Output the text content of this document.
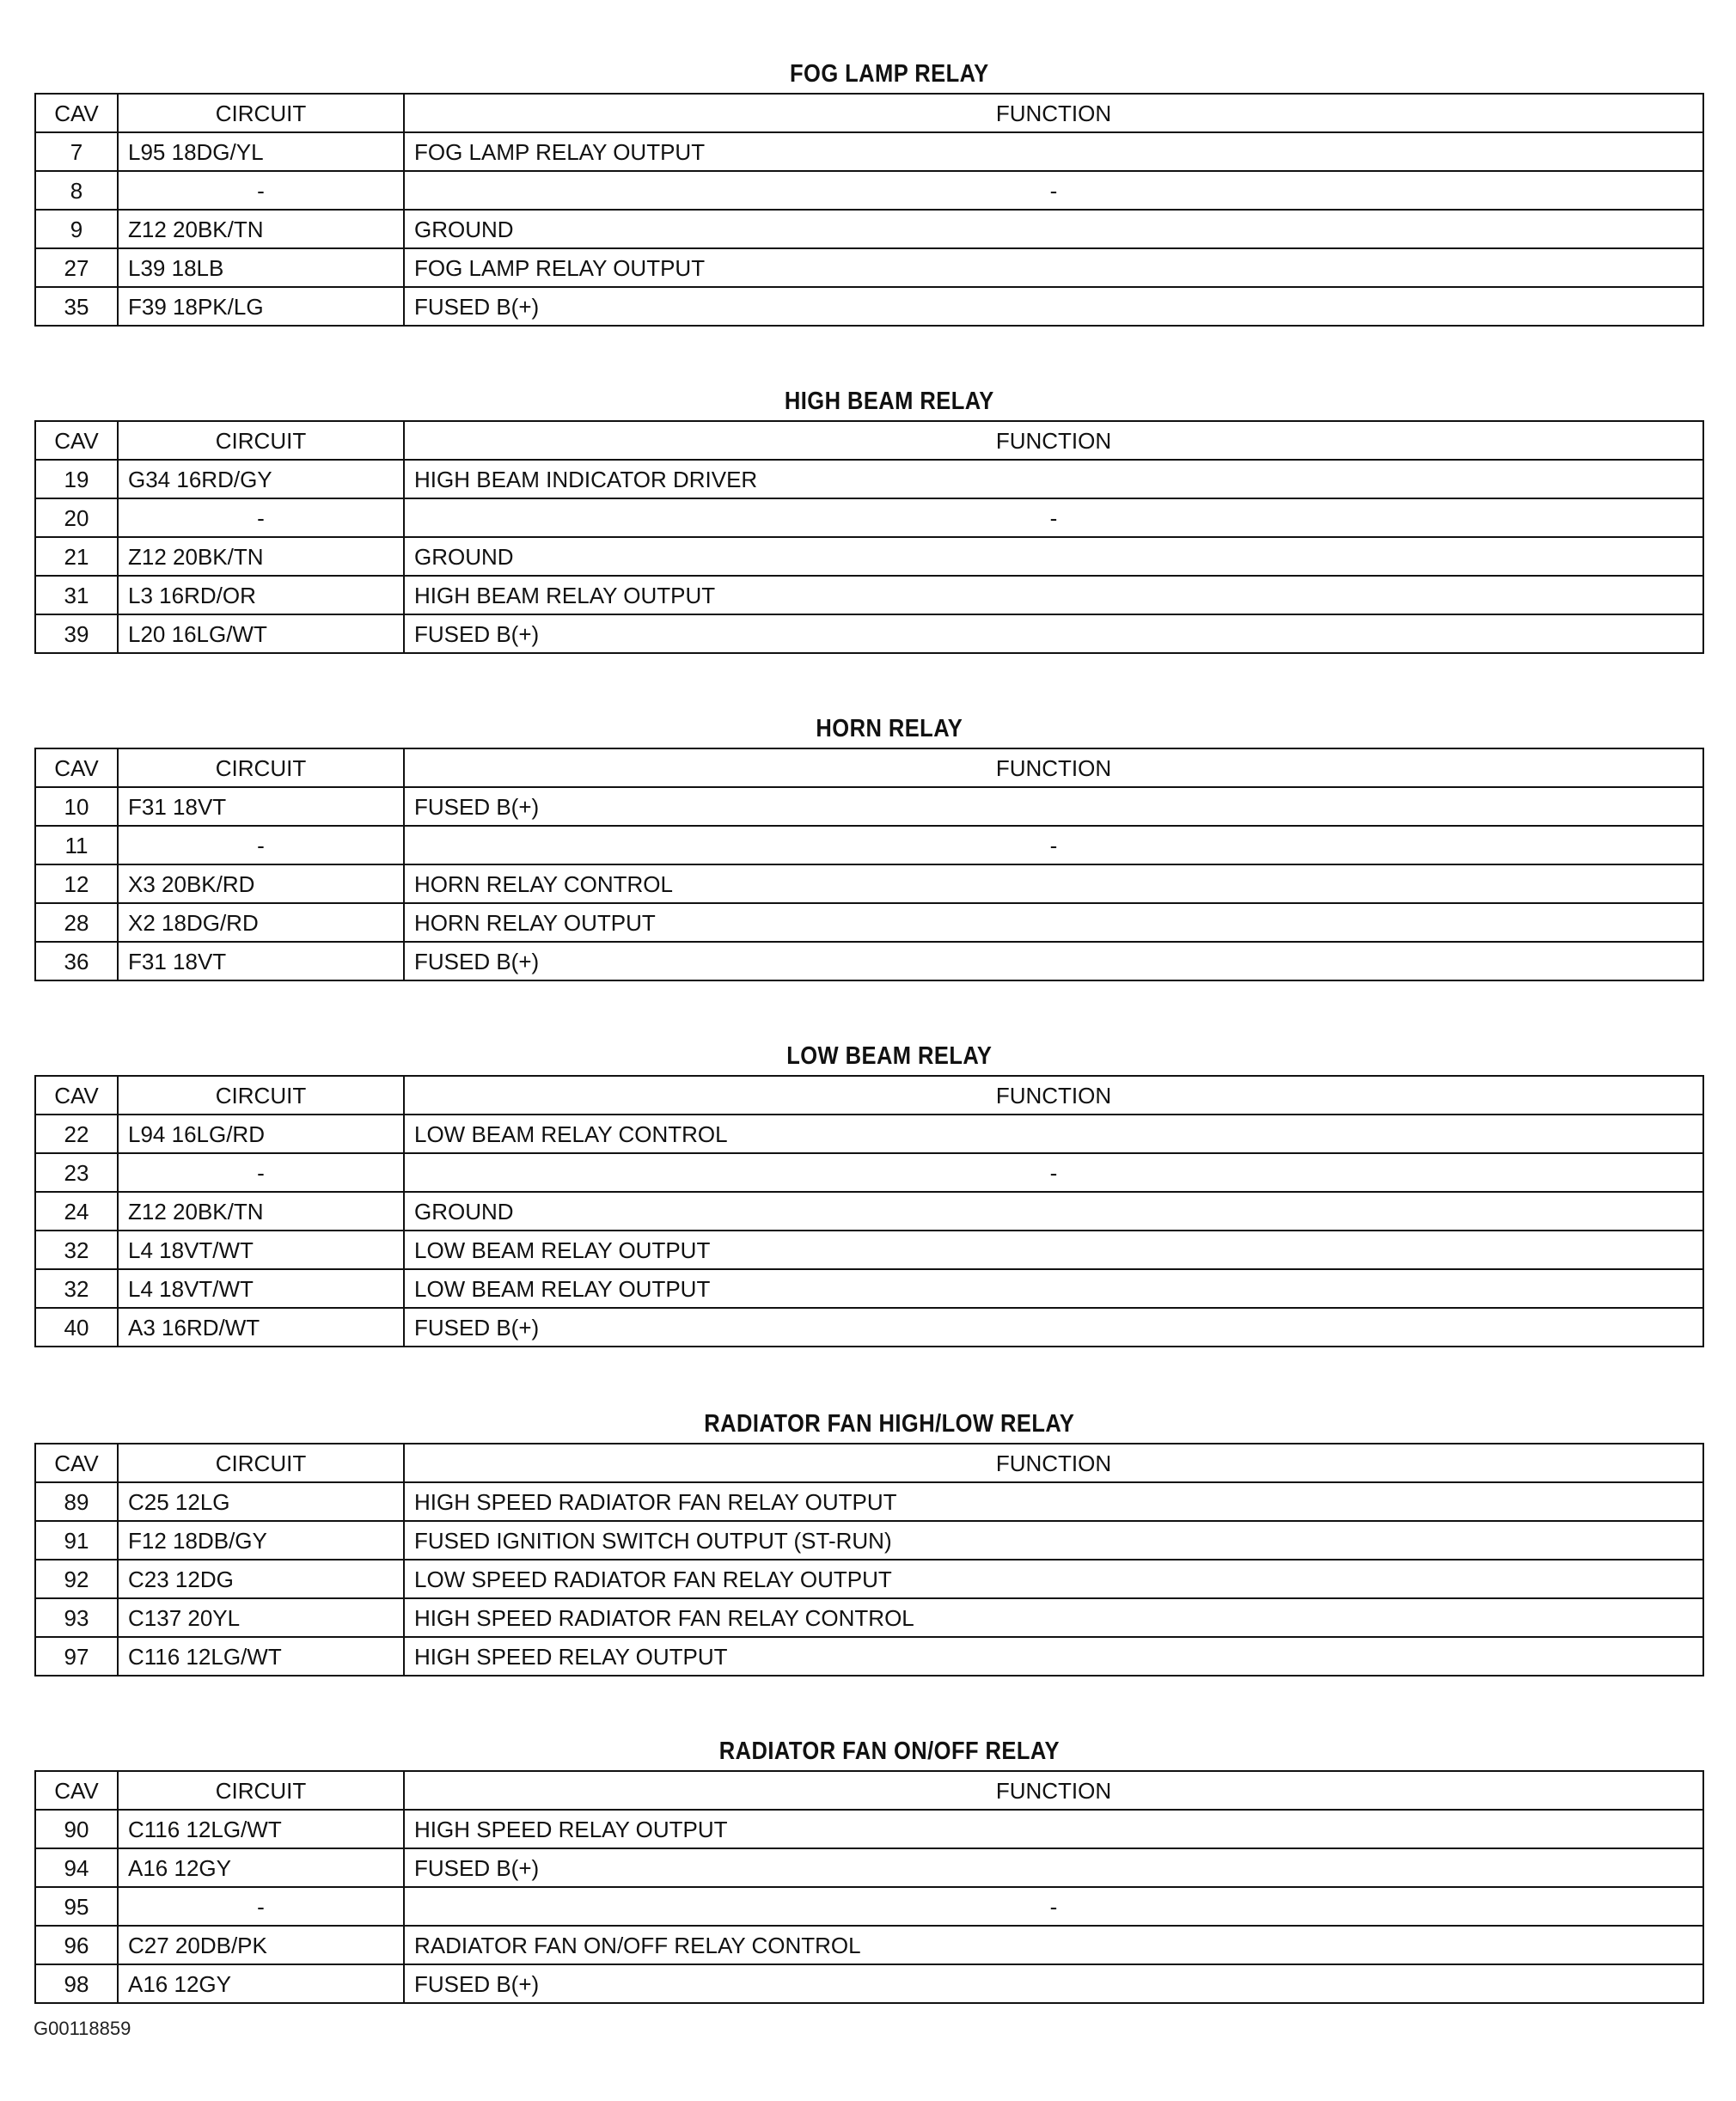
FOG LAMP RELAY
CAV	CIRCUIT	FUNCTION
7	L95 18DG/YL	FOG LAMP RELAY OUTPUT
8	-	-
9	Z12 20BK/TN	GROUND
27	L39 18LB	FOG LAMP RELAY OUTPUT
35	F39 18PK/LG	FUSED B(+)
HIGH BEAM RELAY
CAV	CIRCUIT	FUNCTION
19	G34 16RD/GY	HIGH BEAM INDICATOR DRIVER
20	-	-
21	Z12 20BK/TN	GROUND
31	L3 16RD/OR	HIGH BEAM RELAY OUTPUT
39	L20 16LG/WT	FUSED B(+)
HORN RELAY
CAV	CIRCUIT	FUNCTION
10	F31 18VT	FUSED B(+)
11	-	-
12	X3 20BK/RD	HORN RELAY CONTROL
28	X2 18DG/RD	HORN RELAY OUTPUT
36	F31 18VT	FUSED B(+)
LOW BEAM RELAY
CAV	CIRCUIT	FUNCTION
22	L94 16LG/RD	LOW BEAM RELAY CONTROL
23	-	-
24	Z12 20BK/TN	GROUND
32	L4 18VT/WT	LOW BEAM RELAY OUTPUT
32	L4 18VT/WT	LOW BEAM RELAY OUTPUT
40	A3 16RD/WT	FUSED B(+)
RADIATOR FAN HIGH/LOW RELAY
CAV	CIRCUIT	FUNCTION
89	C25 12LG	HIGH SPEED RADIATOR FAN RELAY OUTPUT
91	F12 18DB/GY	FUSED IGNITION SWITCH OUTPUT (ST-RUN)
92	C23 12DG	LOW SPEED RADIATOR FAN RELAY OUTPUT
93	C137 20YL	HIGH SPEED RADIATOR FAN RELAY CONTROL
97	C116 12LG/WT	HIGH SPEED RELAY OUTPUT
RADIATOR FAN ON/OFF RELAY
CAV	CIRCUIT	FUNCTION
90	C116 12LG/WT	HIGH SPEED RELAY OUTPUT
94	A16 12GY	FUSED B(+)
95	-	-
96	C27 20DB/PK	RADIATOR FAN ON/OFF RELAY CONTROL
98	A16 12GY	FUSED B(+)
G00118859
